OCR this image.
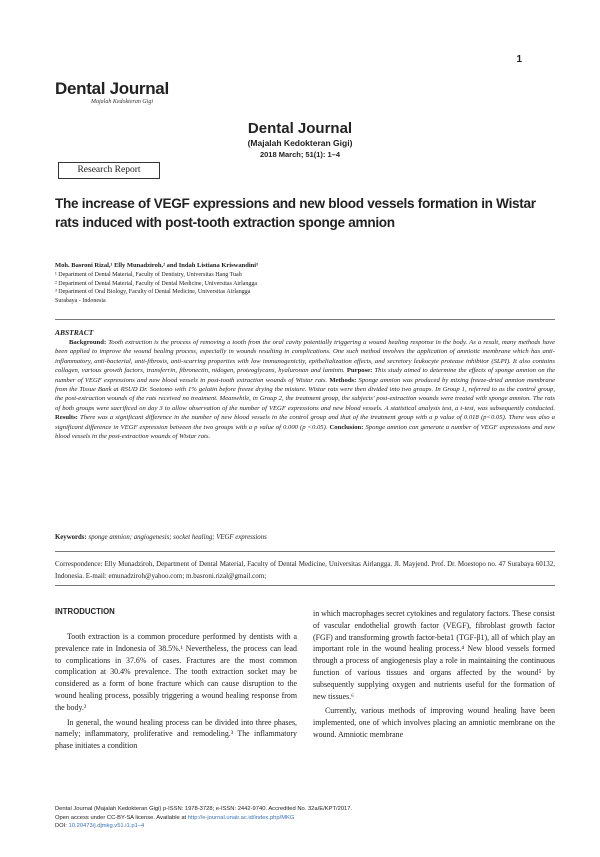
1
Dental Journal
Majalah Kedokteran Gigi
Dental Journal
(Majalah Kedokteran Gigi)
2018 March; 51(1): 1–4
Research Report
The increase of VEGF expressions and new blood vessels formation in Wistar rats induced with post-tooth extraction sponge amnion
Moh. Basroni Rizal,¹ Elly Munadziroh,² and Indah Listiana Kriswandini³
¹ Department of Dental Material, Faculty of Dentistry, Universitas Hang Tuah
² Department of Dental Material, Faculty of Dental Medicine, Universitas Airlangga
³ Department of Oral Biology, Faculty of Dental Medicine, Universitas Airlangga
Surabaya - Indonesia
ABSTRACT
Background: Tooth extraction is the process of removing a tooth from the oral cavity potentially triggering a wound healing response in the body. As a result, many methods have been applied to improve the wound healing process, especially in wounds resulting in complications. One such method involves the application of amniotic membrane which has anti-inflammatory, anti-bacterial, anti-fibrosis, anti-scarring properties with low immunogenicity, epithelialization effects, and secretory leukocyte protease inhibitor (SLPI). It also contains collagen, various growth factors, transferrin, fibronectin, nidogen, proteoglycans, hyaluronan and laminin. Purpose: This study aimed to determine the effects of sponge amnion on the number of VEGF expressions and new blood vessels in post-tooth extraction wounds of Wistar rats. Methods: Sponge amnion was produced by mixing freeze-dried amnion membrane from the Tissue Bank at RSUD Dr. Soetomo with 1% gelatin before freeze drying the mixture. Wistar rats were then divided into two groups. In Group 1, referred to as the control group, the post-extraction wounds of the rats received no treatment. Meanwhile, in Group 2, the treatment group, the subjects' post-extraction wounds were treated with sponge amnion. The rats of both groups were sacrificed on day 3 to allow observation of the number of VEGF expressions and new blood vessels. A statistical analysis test, a t-test, was subsequently conducted. Results: There was a significant difference in the number of new blood vessels in the control group and that of the treatment group with a p value of 0.018 (p<0.05). There was also a significant difference in VEGF expression between the two groups with a p value of 0.000 (p <0.05). Conclusion: Sponge amnion can generate a number of VEGF expressions and new blood vessels in the post-extraction wounds of Wistar rats.
Keywords: sponge amnion; angiogenesis; socket healing; VEGF expressions
Correspondence: Elly Munadziroh, Department of Dental Material, Faculty of Dental Medicine, Universitas Airlangga. Jl. Mayjend. Prof. Dr. Moestopo no. 47 Surabaya 60132, Indonesia. E-mail: emunadziroh@yahoo.com; m.basroni.rizal@gmail.com;
INTRODUCTION

Tooth extraction is a common procedure performed by dentists with a prevalence rate in Indonesia of 38.5%.¹ Nevertheless, the process can lead to complications in 37.6% of cases. Fractures are the most common complication at 30.4% prevalence. The tooth extraction socket may be considered as a form of bone fracture which can cause disruption to the wound healing process, possibly triggering a wound healing response from the body.²

In general, the wound healing process can be divided into three phases, namely; inflammatory, proliferative and remodeling.³ The inflammatory phase initiates a condition

in which macrophages secret cytokines and regulatory factors. These consist of vascular endothelial growth factor (VEGF), fibroblast growth factor (FGF) and transforming growth factor-beta1 (TGF-β1), all of which play an important role in the wound healing process.⁴ New blood vessels formed through a process of angiogenesis play a role in maintaining the continuous function of various tissues and organs affected by the wound⁵ by subsequently supplying oxygen and nutrients useful for the formation of new tissues.⁶

Currently, various methods of improving wound healing have been implemented, one of which involves placing an amniotic membrane on the wound. Amniotic membrane

Dental Journal (Majalah Kedokteran Gigi) p-ISSN: 1978-3728; e-ISSN: 2442-9740. Accredited No. 32a/E/KPT/2017.
Open access under CC-BY-SA license. Available at http://e-journal.unair.ac.id/index.php/MKG
DOI: 10.20473/j.djmkg.v51.i1.p1–4
